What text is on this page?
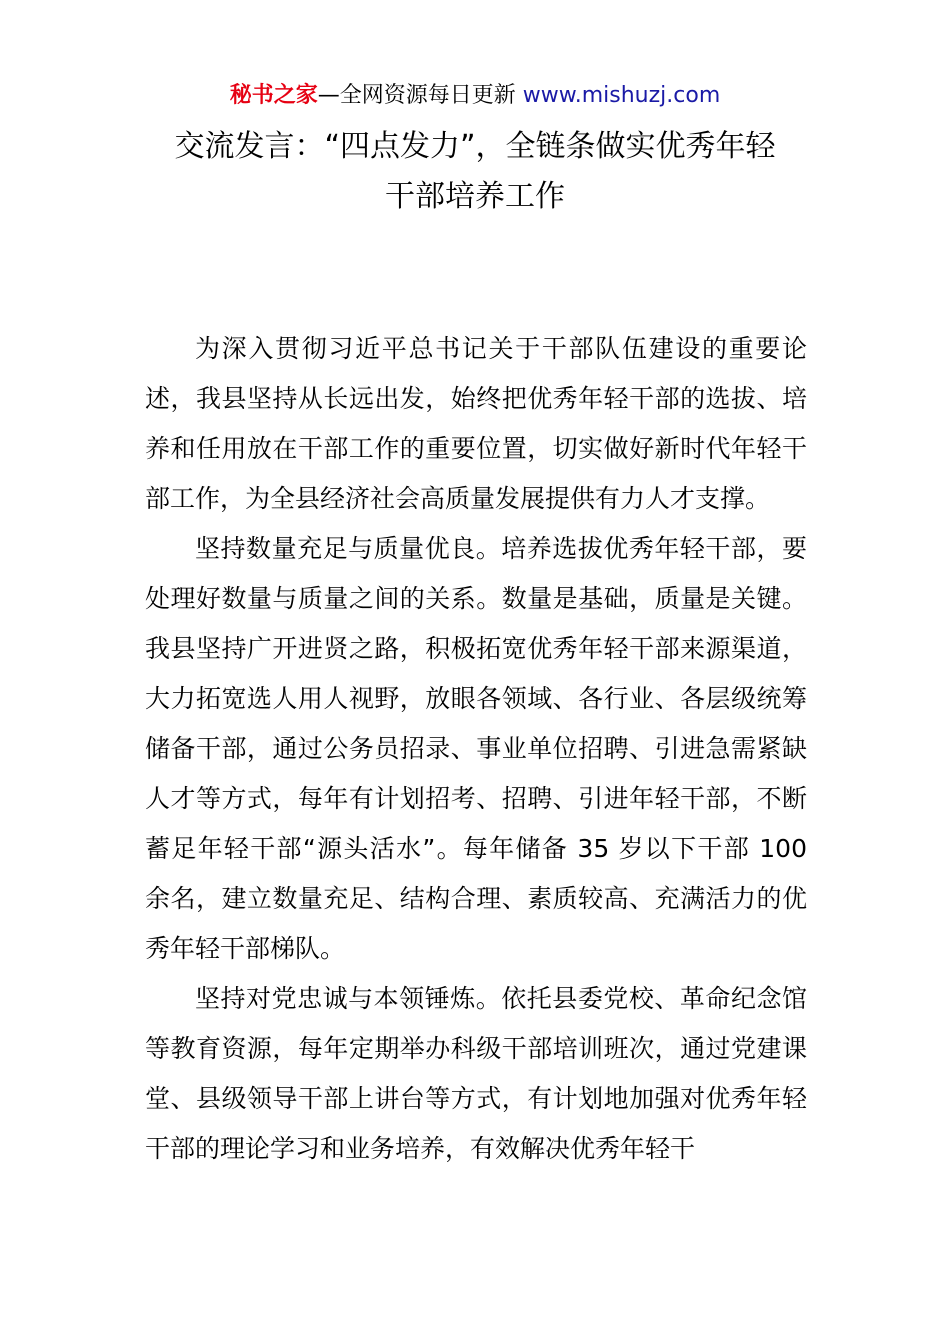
秘书之家—全网资源每日更新 www.mishuzj.com

交流发言：“四点发力”，全链条做实优秀年轻

干部培养工作

为深入贯彻习近平总书记关于干部队伍建设的重要论述，我县坚持从长远出发，始终把优秀年轻干部的选拔、培养和任用放在干部工作的重要位置，切实做好新时代年轻干部工作，为全县经济社会高质量发展提供有力人才支撑。

坚持数量充足与质量优良。培养选拔优秀年轻干部，要处理好数量与质量之间的关系。数量是基础，质量是关键。我县坚持广开进贤之路，积极拓宽优秀年轻干部来源渠道，大力拓宽选人用人视野，放眼各领域、各行业、各层级统筹储备干部，通过公务员招录、事业单位招聘、引进急需紧缺人才等方式，每年有计划招考、招聘、引进年轻干部，不断蓄足年轻干部“源头活水”。每年储备 35 岁以下干部 100 余名，建立数量充足、结构合理、素质较高、充满活力的优秀年轻干部梯队。

坚持对党忠诚与本领锤炼。依托县委党校、革命纪念馆等教育资源，每年定期举办科级干部培训班次，通过党建课堂、县级领导干部上讲台等方式，有计划地加强对优秀年轻干部的理论学习和业务培养，有效解决优秀年轻干
